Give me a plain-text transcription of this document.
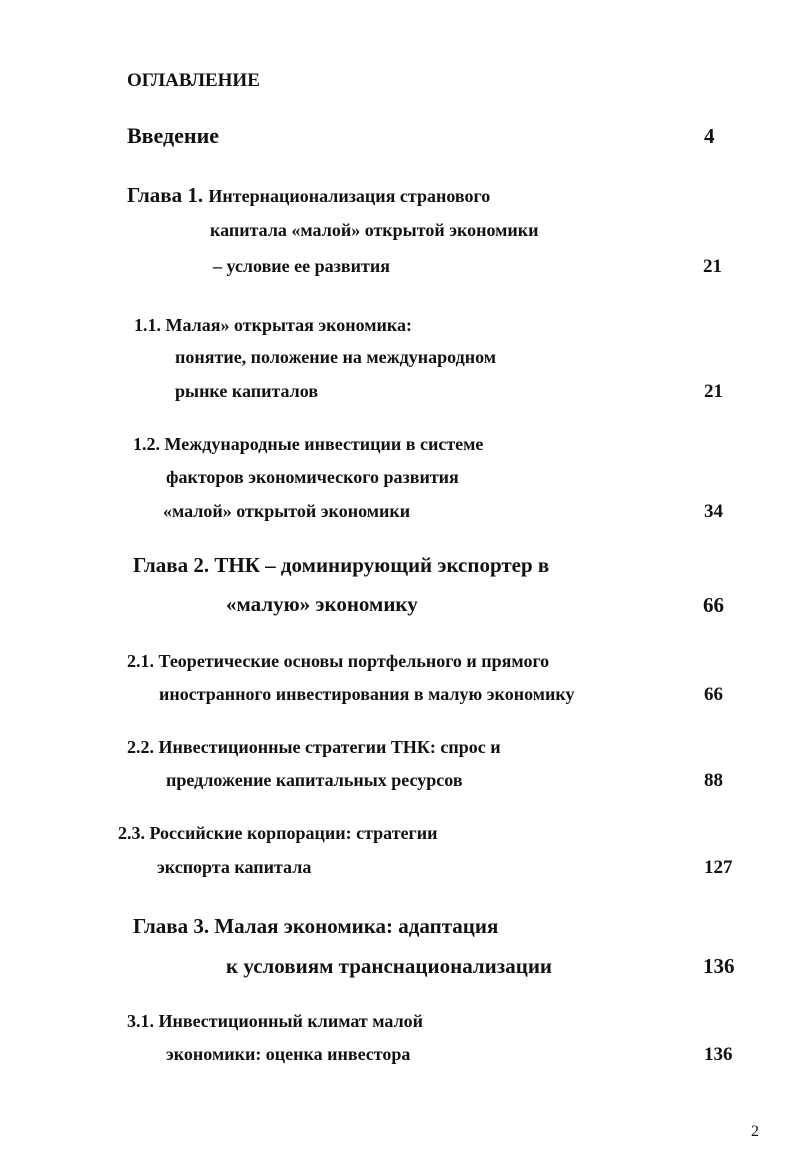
ОГЛАВЛЕНИЕ
Введение	4
Глава 1. Интернационализация странового
капитала «малой» открытой экономики
– условие ее развития	21
1.1. Малая» открытая экономика:
понятие, положение на международном
рынке капиталов	21
1.2. Международные инвестиции в системе
факторов экономического развития
«малой» открытой экономики	34
Глава 2. ТНК – доминирующий экспортер в
«малую» экономику	66
2.1. Теоретические основы портфельного и прямого
иностранного инвестирования в малую экономику	66
2.2. Инвестиционные стратегии ТНК: спрос и
предложение капитальных ресурсов	88
2.3. Российские корпорации: стратегии
экспорта капитала	127
Глава 3. Малая экономика: адаптация
к условиям транснационализации	136
3.1. Инвестиционный климат малой
экономики: оценка инвестора	136
2
